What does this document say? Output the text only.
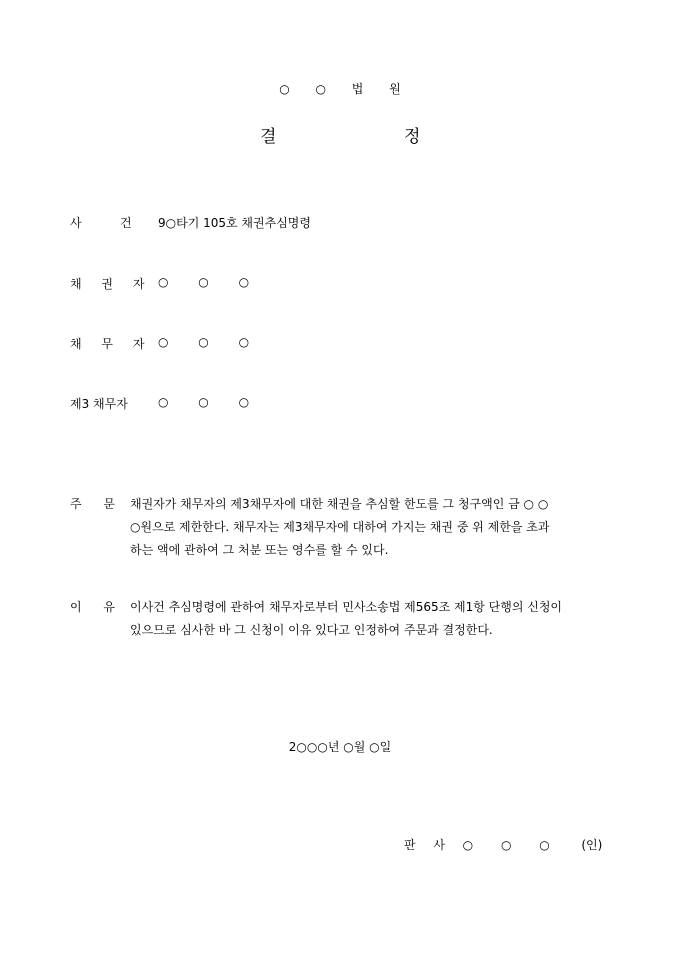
○ ○ 법 원
결	정
사	건 9○타기 105호 채권추심명령
채 권 자 ○ ○ ○
채 무 자 ○ ○ ○
제3 채무자	○ ○ ○
주 문 채권자가 채무자의 제3채무자에 대한 채권을 추심할 한도를 그 청구액인 금 ○ ○
○원으로 제한한다. 채무자는 제3채무자에 대하여 가지는 채권 중 위 제한을 초과
하는 액에 관하여 그 처분 또는 영수를 할 수 있다.
이 유 이사건 추심명령에 관하여 채무자로부터 민사소송법 제565조 제1항 단행의 신청이
있으므로 심사한 바 그 신청이 이유 있다고 인정하여 주문과 결정한다.
2○○○년 ○월 ○일
판 사 ○ ○ ○	(인)
